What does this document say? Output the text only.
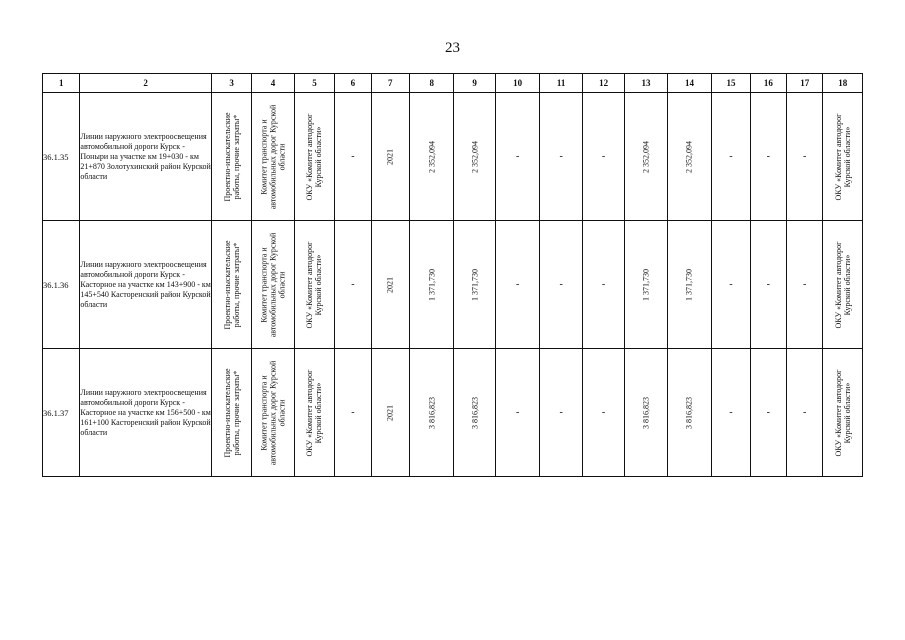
23
1	2	3	4	5	6	7	8	9	10	11	12	13	14	15	16	17	18
36.1.35	Линии наружного электроосвещения автомобильной дороги Курск - Поныри на участке км 19+030 - км 21+870 Золотухинский район Курской области	Проектно-изыскательские работы, прочие затраты*	Комитет транспорта и автомобильных дорог Курской области	ОКУ «Комитет автодорог Курской области»	-	2021	2 352,094	2 352,094	-	-	-	2 352,094	2 352,094	-	-	-	ОКУ «Комитет автодорог Курской области»

36.1.36	Линии наружного электроосвещения автомобильной дороги Курск - Касторное на участке км 143+900 - км 145+540 Касторенский район Курской области	Проектно-изыскательские работы, прочие затраты*	Комитет транспорта и автомобильных дорог Курской области	ОКУ «Комитет автодорог Курской области»	-	2021	1 371,730	1 371,730	-	-	-	1 371,730	1 371,730	-	-	-	ОКУ «Комитет автодорог Курской области»

36.1.37	Линии наружного электроосвещения автомобильной дороги Курск - Касторное на участке км 156+500 - км 161+100 Касторенский район Курской области	Проектно-изыскательские работы, прочие затраты*	Комитет транспорта и автомобильных дорог Курской области	ОКУ «Комитет автодорог Курской области»	-	2021	3 816,823	3 816,823	-	-	-	3 816,823	3 816,823	-	-	-	ОКУ «Комитет автодорог Курской области»
